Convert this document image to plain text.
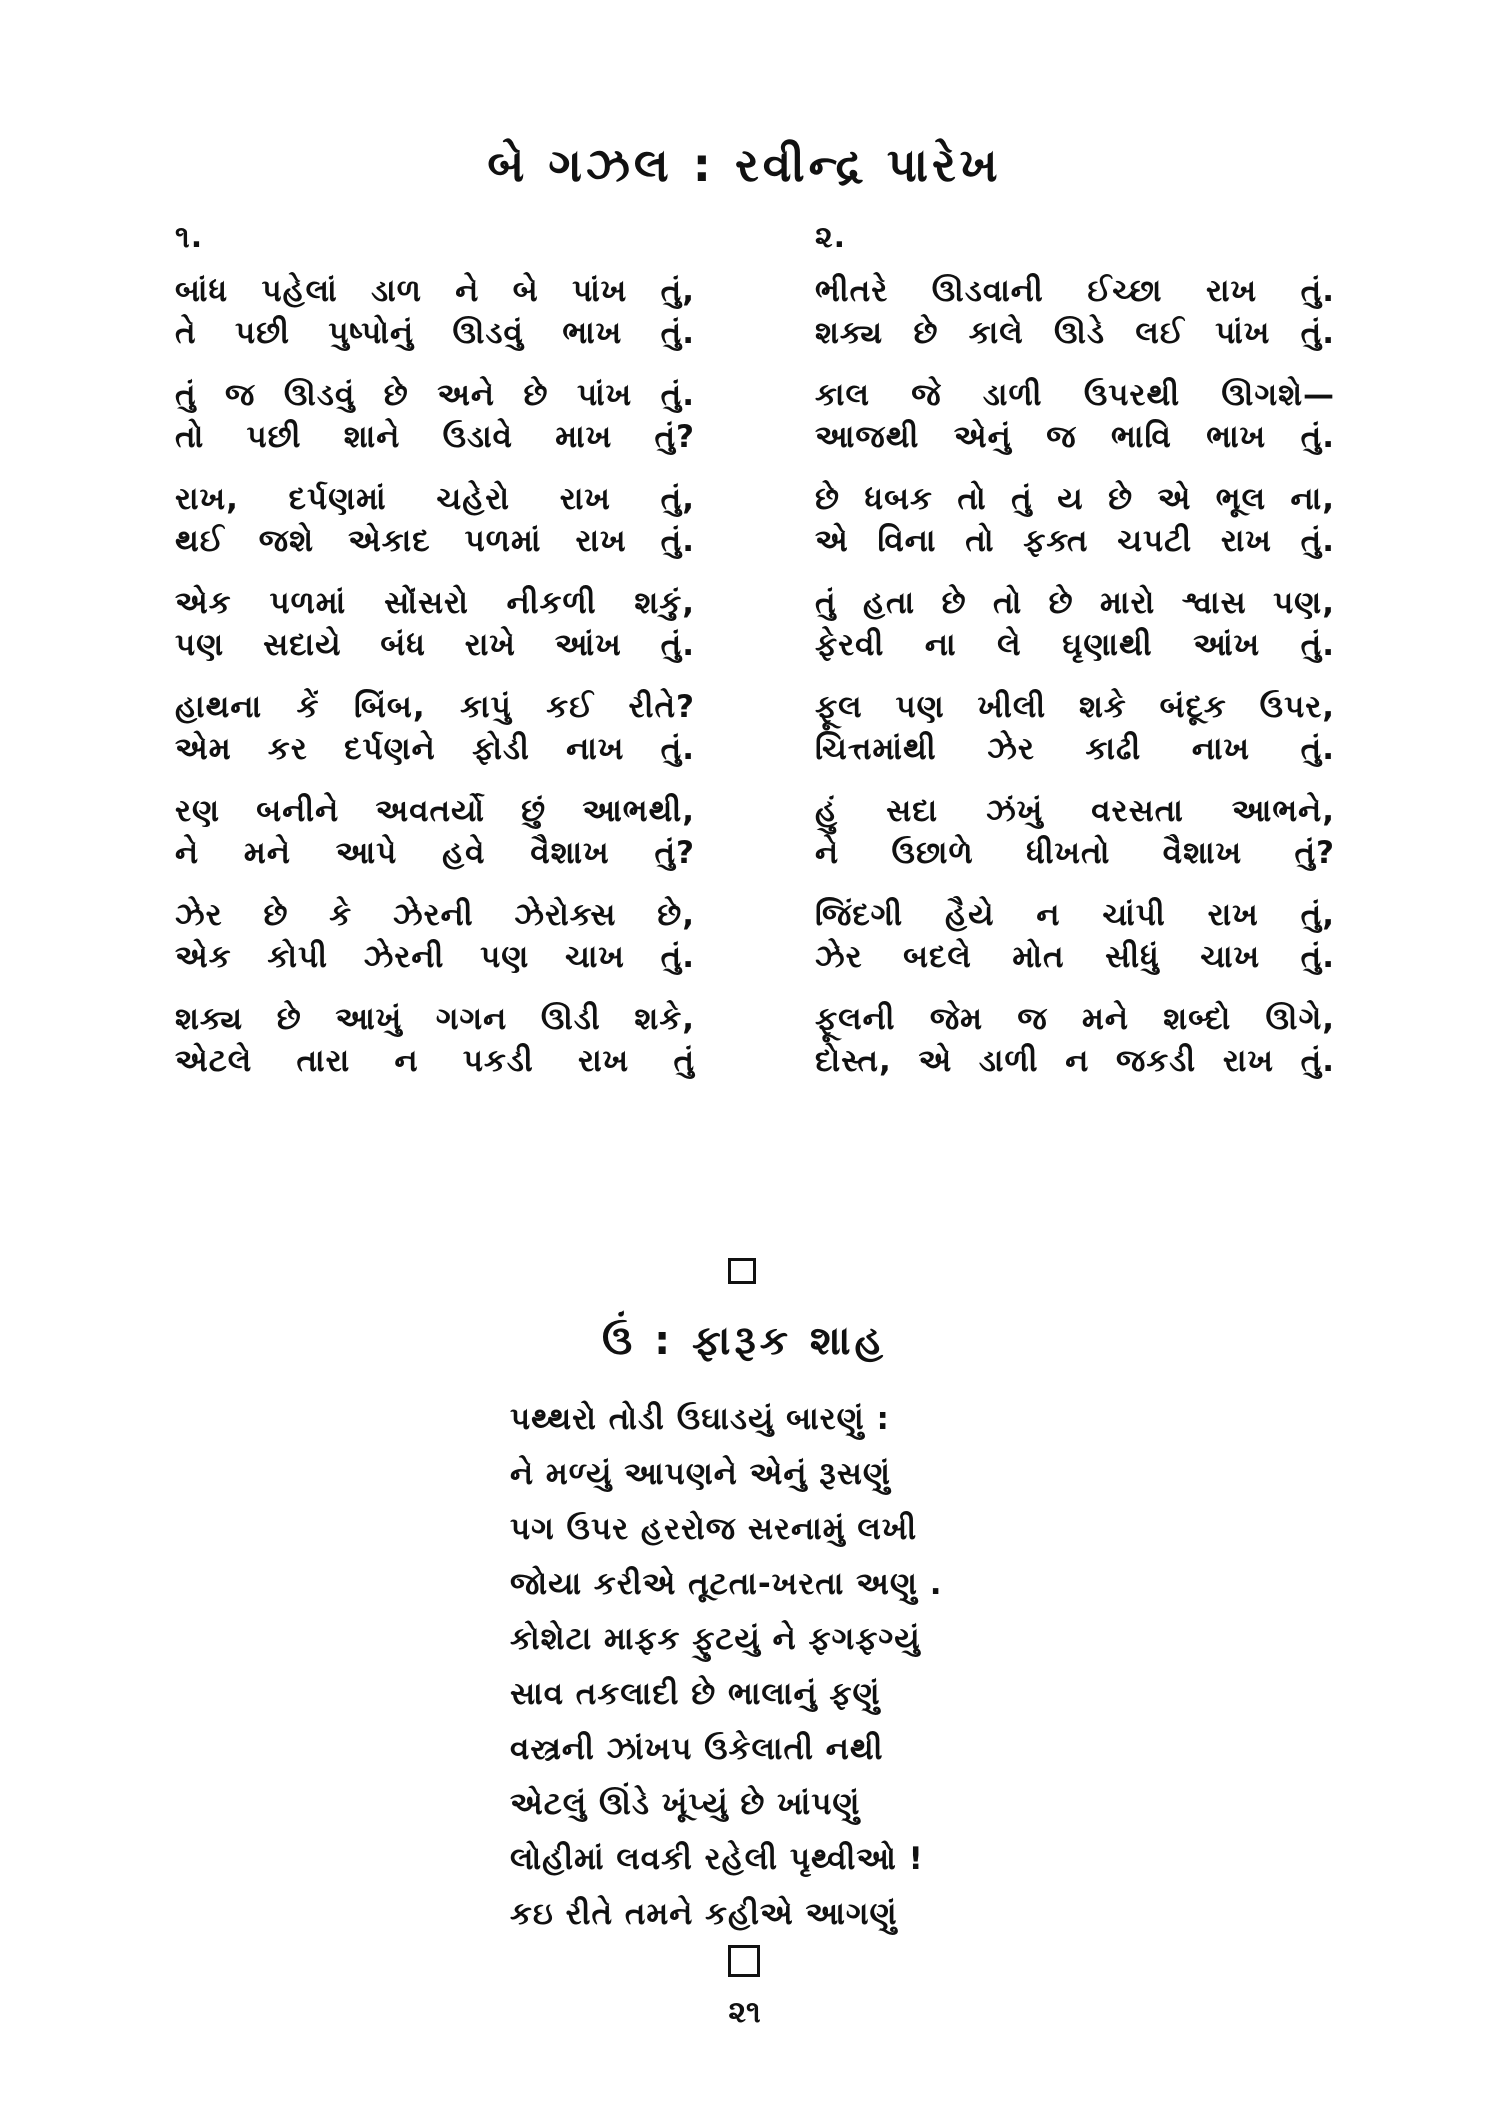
બે ગઝલ : રવીન્દ્ર પારેખ
૧.
બાંધ પહેલાં ડાળ ને બે પાંખ તું,
તે પછી પુષ્પોનું ઊડવું ભાખ તું.
તું જ ઊડવું છે અને છે પાંખ તું.
તો પછી શાને ઉડાવે માખ તું?
રાખ, દર્પણમાં ચહેરો રાખ તું,
થઈ જશે એકાદ પળમાં રાખ તું.
એક પળમાં સોંસરો નીકળી શકું,
પણ સદાયે બંધ રાખે આંખ તું.
હાથના કેં બિંબ, કાપું કઈ રીતે?
એમ કર દર્પણને ફોડી નાખ તું.
રણ બનીને અવતર્યો છું આભથી,
ને મને આપે હવે વૈશાખ તું?
ઝેર છે કે ઝેરની ઝેરોક્સ છે,
એક કોપી ઝેરની પણ ચાખ તું.
શક્ય છે આખું ગગન ઊડી શકે,
એટલે તારા ન પકડી રાખ તું
૨.
ભીતરે ઊડવાની ઈચ્છા રાખ તું.
શક્ય છે કાલે ઊડે લઈ પાંખ તું.
કાલ જે ડાળી ઉપરથી ઊગશે—
આજથી એનું જ ભાવિ ભાખ તું.
છે ધબક તો તું ય છે એ ભૂલ ના,
એ વિના તો ફક્ત ચપટી રાખ તું.
તું હતા છે તો છે મારો શ્વાસ પણ,
ફેરવી ના લે ઘૃણાથી આંખ તું.
ફૂલ પણ ખીલી શકે બંદૂક ઉપર,
ચિત્તમાંથી ઝેર કાઢી નાખ તું.
હું સદા ઝંખું વરસતા આભને,
ને ઉછાળે ધીખતો વૈશાખ તું?
જિંદગી હૈયે ન ચાંપી રાખ તું,
ઝેર બદલે મોત સીધું ચાખ તું.
ફૂલની જેમ જ મને શબ્દો ઊગે,
દોસ્ત, એ ડાળી ન જકડી રાખ તું.
ઉં : ફારૂક શાહ
પથ્થરો તોડી ઉઘાડયું બારણું :
ને મળ્યું આપણને એનું રૂસણું
પગ ઉપર હરરોજ સરનામું લખી
જોયા કરીએ તૂટતા-ખરતા અણુ .
કોશેટા માફક ફુટયું ને ફગફગ્યું
સાવ તકલાદી છે ભાલાનું ફણું
વસ્ત્રની ઝાંખપ ઉકેલાતી નથી
એટલું ઊંડે ખૂંપ્યું છે ખાંપણું
લોહીમાં લવકી રહેલી પૃથ્વીઓ !
કઇ રીતે તમને કહીએ આગણું
૨૧
